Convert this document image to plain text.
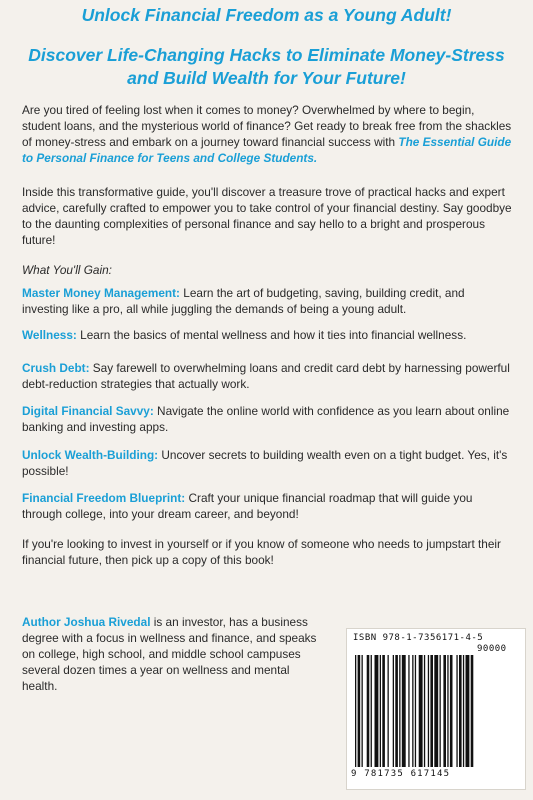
Unlock Financial Freedom as a Young Adult!

Discover Life-Changing Hacks to Eliminate Money-Stress and Build Wealth for Your Future!

Are you tired of feeling lost when it comes to money? Overwhelmed by where to begin, student loans, and the mysterious world of finance? Get ready to break free from the shackles of money-stress and embark on a journey toward financial success with The Essential Guide to Personal Finance for Teens and College Students.

Inside this transformative guide, you'll discover a treasure trove of practical hacks and expert advice, carefully crafted to empower you to take control of your financial destiny. Say goodbye to the daunting complexities of personal finance and say hello to a bright and prosperous future!

What You'll Gain:

Master Money Management: Learn the art of budgeting, saving, building credit, and investing like a pro, all while juggling the demands of being a young adult.

Wellness: Learn the basics of mental wellness and how it ties into financial wellness.

Crush Debt: Say farewell to overwhelming loans and credit card debt by harnessing powerful debt-reduction strategies that actually work.

Digital Financial Savvy: Navigate the online world with confidence as you learn about online banking and investing apps.

Unlock Wealth-Building: Uncover secrets to building wealth even on a tight budget. Yes, it's possible!

Financial Freedom Blueprint: Craft your unique financial roadmap that will guide you through college, into your dream career, and beyond!

If you're looking to invest in yourself or if you know of someone who needs to jumpstart their financial future, then pick up a copy of this book!

Author Joshua Rivedal is an investor, has a business degree with a focus in wellness and finance, and speaks on college, high school, and middle school campuses several dozen times a year on wellness and mental health.

ISBN 978-1-7356171-4-5
90000
9 781735 617145
